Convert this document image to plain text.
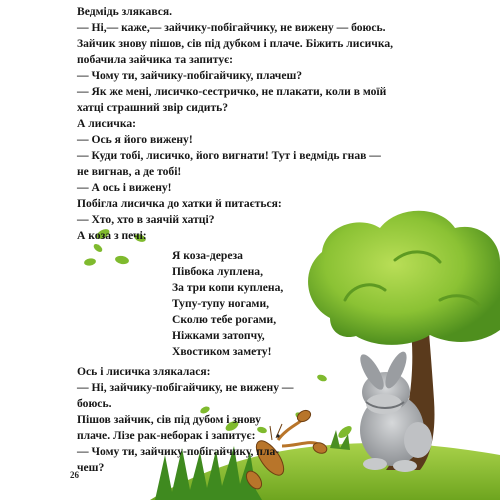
Ведмідь злякався.
— Ні,— каже,— зайчику-побігайчику, не вижену — боюсь.
Зайчик знову пішов, сів під дубком і плаче. Біжить лисичка,
побачила зайчика та запитує:
— Чому ти, зайчику-побігайчику, плачеш?
— Як же мені, лисичко-сестричко, не плакати, коли в моїй
хатці страшний звір сидить?
А лисичка:
— Ось я його вижену!
— Куди тобі, лисичко, його вигнати! Тут і ведмідь гнав —
не вигнав, а де тобі!
— А ось і вижену!
Побігла лисичка до хатки й питається:
— Хто, хто в заячій хатці?
А коза з печі:
Я коза-дереза
Півбока луплена,
За три копи куплена,
Тупу-тупу ногами,
Сколю тебе рогами,
Ніжками затопчу,
Хвостиком замету!
Ось і лисичка злякалася:
— Ні, зайчику-побігайчику, не вижену —
боюсь.
Пішов зайчик, сів під дубом і знову
плаче. Лізе рак-неборак і запитує:
— Чому ти, зайчику-побігайчику, пла-
чеш?
26
